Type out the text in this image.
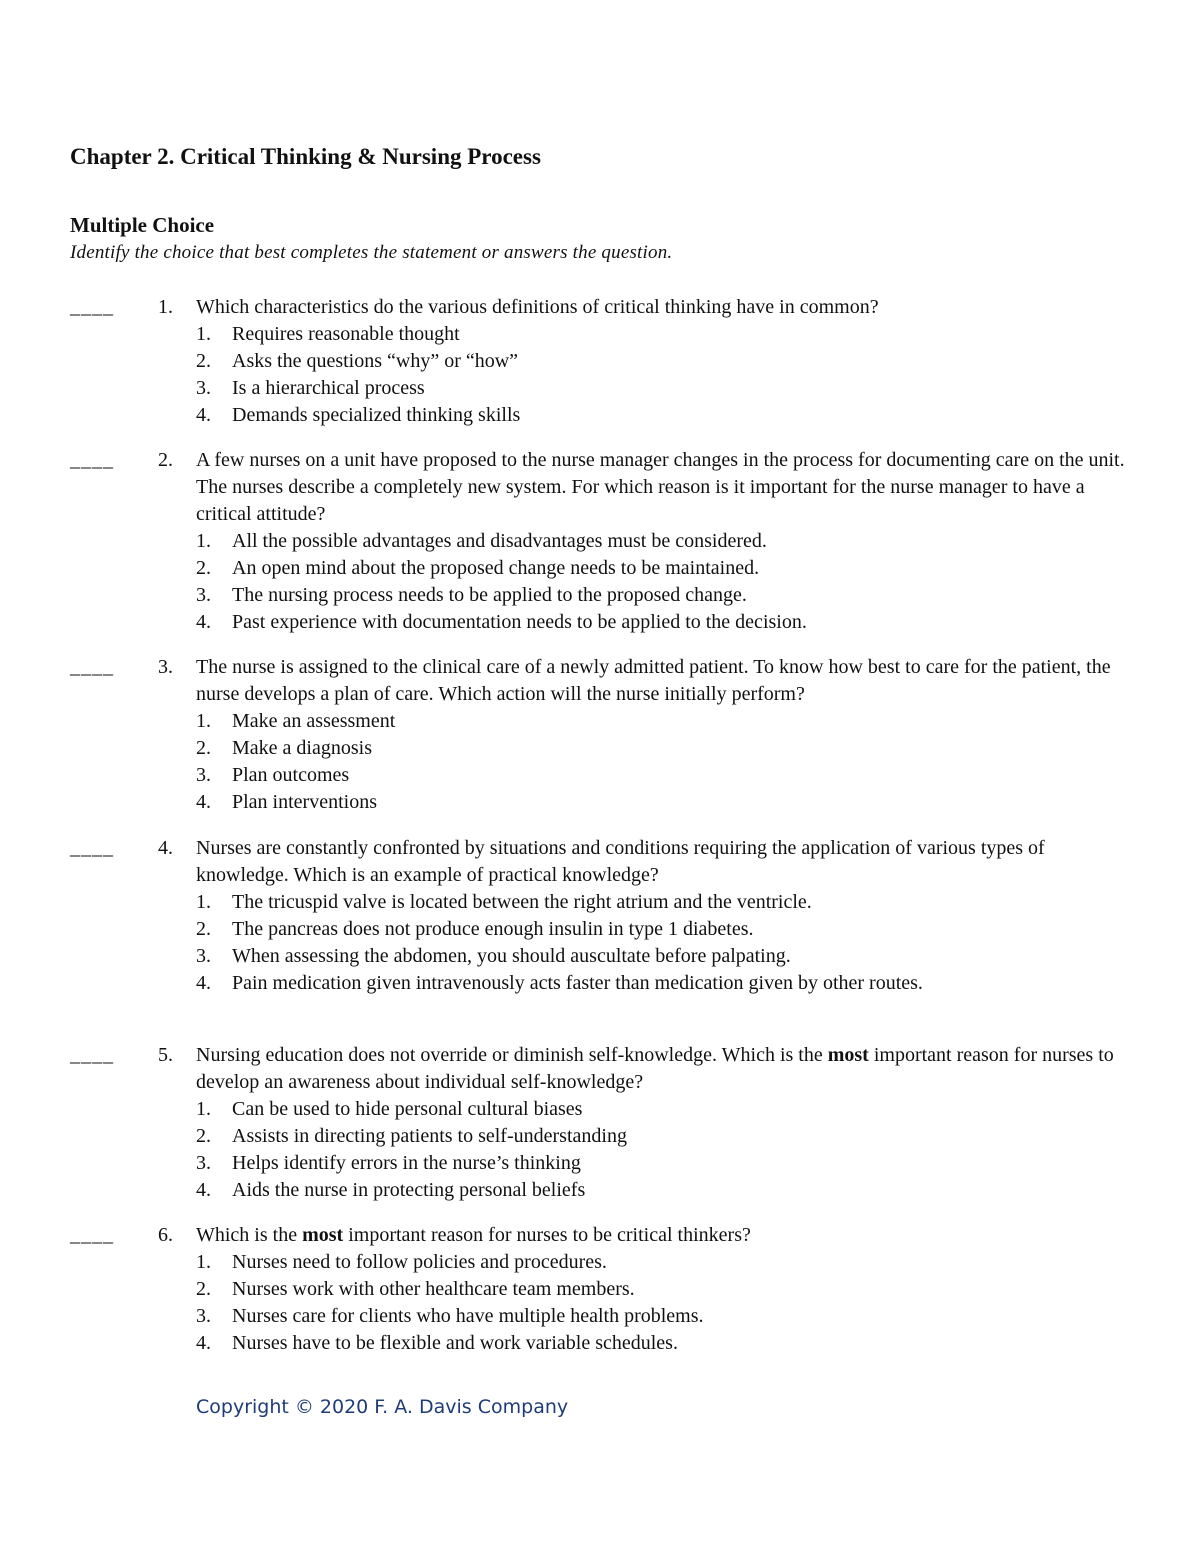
Chapter 2. Critical Thinking & Nursing Process
Multiple Choice

Identify the choice that best completes the statement or answers the question.

____ 1. Which characteristics do the various definitions of critical thinking have in common?

1. Requires reasonable thought
2. Asks the questions “why” or “how”
3. Is a hierarchical process
4. Demands specialized thinking skills
____ 2. A few nurses on a unit have proposed to the nurse manager changes in the process for documenting care on the unit. The nurses describe a completely new system. For which reason is it important for the nurse manager to have a critical attitude?

1. All the possible advantages and disadvantages must be considered.
2. An open mind about the proposed change needs to be maintained.
3. The nursing process needs to be applied to the proposed change.
4. Past experience with documentation needs to be applied to the decision.
____ 3. The nurse is assigned to the clinical care of a newly admitted patient. To know how best to care for the patient, the nurse develops a plan of care. Which action will the nurse initially perform?

1. Make an assessment
2. Make a diagnosis
3. Plan outcomes
4. Plan interventions
____ 4. Nurses are constantly confronted by situations and conditions requiring the application of various types of knowledge. Which is an example of practical knowledge?

1. The tricuspid valve is located between the right atrium and the ventricle.
2. The pancreas does not produce enough insulin in type 1 diabetes.
3. When assessing the abdomen, you should auscultate before palpating.
4. Pain medication given intravenously acts faster than medication given by other routes.
____ 5. Nursing education does not override or diminish self-knowledge. Which is the most important reason for nurses to develop an awareness about individual self-knowledge?

1. Can be used to hide personal cultural biases
2. Assists in directing patients to self-understanding
3. Helps identify errors in the nurse’s thinking
4. Aids the nurse in protecting personal beliefs
____ 6. Which is the most important reason for nurses to be critical thinkers?

1. Nurses need to follow policies and procedures.
2. Nurses work with other healthcare team members.
3. Nurses care for clients who have multiple health problems.
4. Nurses have to be flexible and work variable schedules.
Copyright © 2020 F. A. Davis Company
